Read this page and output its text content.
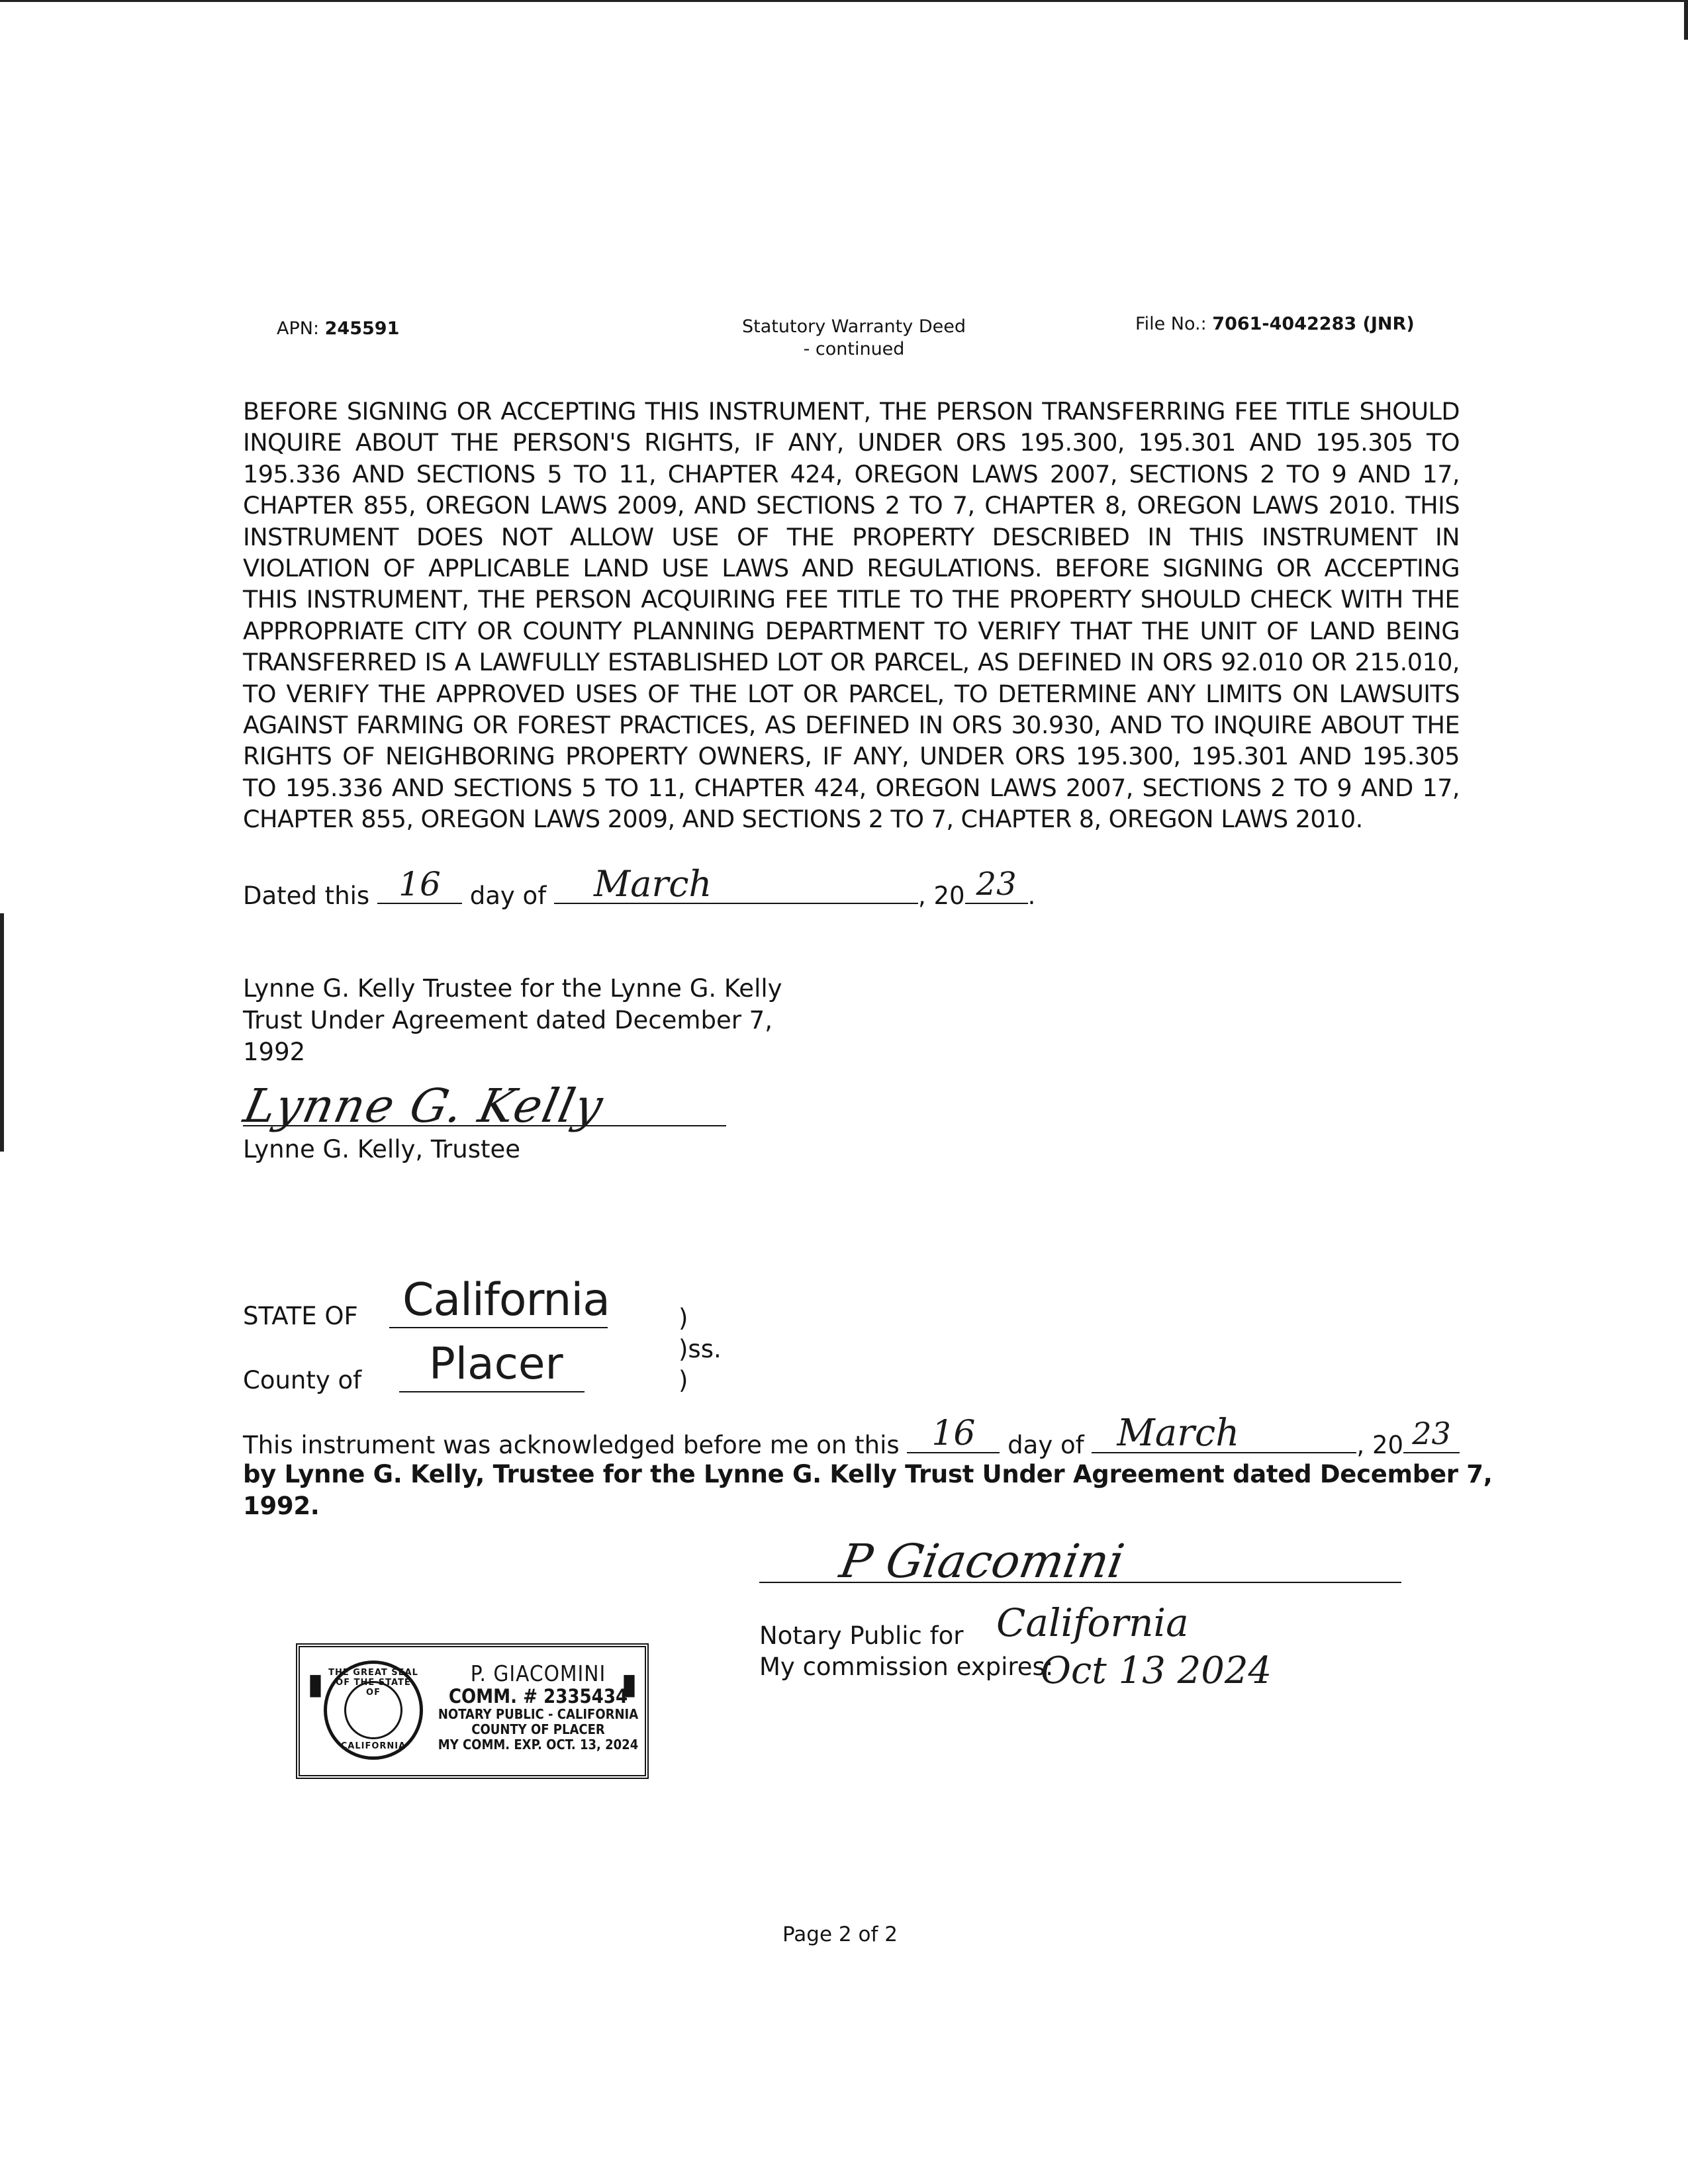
APN: 245591	Statutory Warranty Deed
- continued
File No.: 7061-4042283 (JNR)
BEFORE SIGNING OR ACCEPTING THIS INSTRUMENT, THE PERSON TRANSFERRING FEE TITLE SHOULD
INQUIRE ABOUT THE PERSON'S RIGHTS, IF ANY, UNDER ORS 195.300, 195.301 AND 195.305 TO
195.336 AND SECTIONS 5 TO 11, CHAPTER 424, OREGON LAWS 2007, SECTIONS 2 TO 9 AND 17,
CHAPTER 855, OREGON LAWS 2009, AND SECTIONS 2 TO 7, CHAPTER 8, OREGON LAWS 2010. THIS
INSTRUMENT DOES NOT ALLOW USE OF THE PROPERTY DESCRIBED IN THIS INSTRUMENT IN
VIOLATION OF APPLICABLE LAND USE LAWS AND REGULATIONS. BEFORE SIGNING OR ACCEPTING
THIS INSTRUMENT, THE PERSON ACQUIRING FEE TITLE TO THE PROPERTY SHOULD CHECK WITH THE
APPROPRIATE CITY OR COUNTY PLANNING DEPARTMENT TO VERIFY THAT THE UNIT OF LAND BEING
TRANSFERRED IS A LAWFULLY ESTABLISHED LOT OR PARCEL, AS DEFINED IN ORS 92.010 OR 215.010,
TO VERIFY THE APPROVED USES OF THE LOT OR PARCEL, TO DETERMINE ANY LIMITS ON LAWSUITS
AGAINST FARMING OR FOREST PRACTICES, AS DEFINED IN ORS 30.930, AND TO INQUIRE ABOUT THE
RIGHTS OF NEIGHBORING PROPERTY OWNERS, IF ANY, UNDER ORS 195.300, 195.301 AND 195.305
TO 195.336 AND SECTIONS 5 TO 11, CHAPTER 424, OREGON LAWS 2007, SECTIONS 2 TO 9 AND 17,
CHAPTER 855, OREGON LAWS 2009, AND SECTIONS 2 TO 7, CHAPTER 8, OREGON LAWS 2010.
Dated this 16	day of March	, 20 23 .
Lynne G. Kelly Trustee for the Lynne G. Kelly
Trust Under Agreement dated December 7,
1992
Lynne G. Kelly
Lynne G. Kelly, Trustee
STATE OF California	)
)ss.
)
County of Placer
This instrument was acknowledged before me on this 16	day of March	, 20 23
by Lynne G. Kelly, Trustee for the Lynne G. Kelly Trust Under Agreement dated December 7,
1992.
P Giacomini
Notary Public for California
My commission expires:
Oct 13 2024
▮
THE GREAT SEAL OF THE STATE OF
CALIFORNIA
P. GIACOMINI
COMM. # 2335434
NOTARY PUBLIC - CALIFORNIA
COUNTY OF PLACER
MY COMM. EXP. OCT. 13, 2024
▮
Page 2 of 2
